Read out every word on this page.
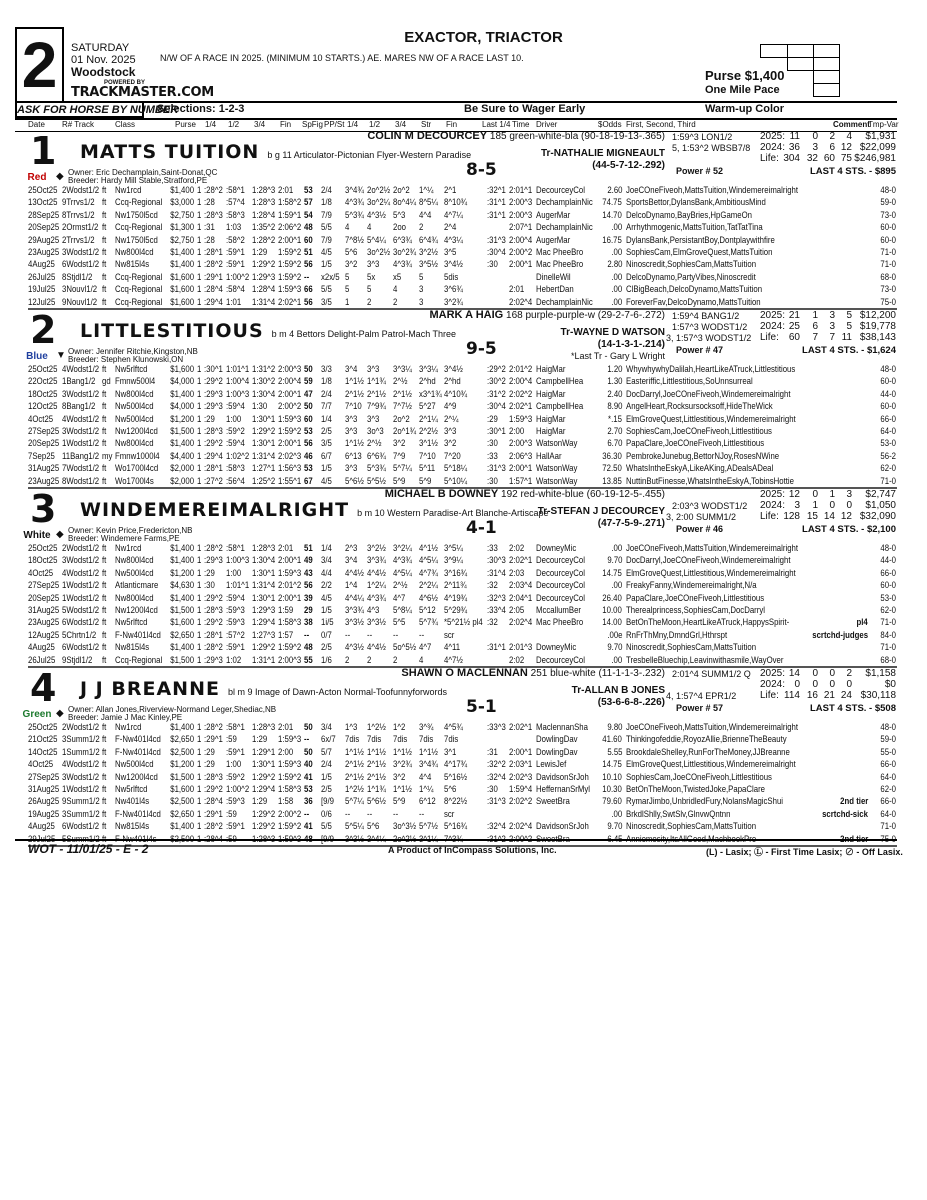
2	SATURDAY
01 Nov. 2025
Woodstock
POWERED BY
TRACKMASTER.COM
EXACTOR, TRIACTOR
N/W OF A RACE IN 2025. (MINIMUM 10 STARTS.) AE. MARES NW OF A RACE LAST 10.
Purse $1,400
One Mile Pace
ASK FOR HORSE BY NUMBER
Selections: 1-2-3	Be Sure to Wager Early	Warm-up Color
Date R# Track	Class	Purse 1/4 1/2 3/4 Fin SpFig PP/St 1/4 1/2 3/4 Str Fin	Last 1/4 Time Driver	$Odds First, Second, Third	Comment
Tmp-Var
1
Red
MATTS TUITION b g 11 Articulator-Pictonian Flyer-Western Paradise
COLIN M DECOURCEY 185 green-white-bla (90-18-19-13-.365)
8-5
Tr-NATHALIE MIGNEAULT
(44-5-7-12-.292)
1:59^3 LON1/2
5, 1:53^2 WBSB7/8
Power # 52
2025: 11 0 2 4 $1,931
2024: 36 3 6 12 $22,099
Life: 304 32 60 75 $246,981
LAST 4 STS. - $895
◆ Owner: Eric Dechamplain,Saint-Donat,QC
Breeder: Hardy Mill Stable,Stratford,PE
25Oct25 2Wodst1/2 ft Nw1rcd	$1,400 1 :28^2 :58^1 1:28^3 2:01 53 2/4 3^4¾ 2o^2½ 2o^2 1^¼ 2^1	:32^1 2:01^1 DecourceyCol 2.60 JoeCOneFiveoh,MattsTuition,Windemereimalright	48-0
13Oct25 9Trrvs1/2 ft Ccq-Regional $3,000 1 :28 :57^4 1:28^3 1:58^2 57 1/8 4^3¾ 3o^2¼ 8o^4¼ 8^5¼ 8^10¾ :31^1 2:00^3 DechamplainNic 74.75 SportsBettor,DylansBank,AmbitiousMind	59-0
28Sep25 8Trrvs1/2 ft Nw1750l5cd $2,750 1 :28^3 :58^3 1:28^4 1:59^1 54 7/9 5^3¾ 4^3½ 5^3 4^4 4^7¼	:31^1 2:00^3 AugerMar	14.70 DelcoDynamo,BayBries,HpGameOn	73-0
20Sep25 2Ormst1/2 ft Ccq-Regional $1,300 1 :31 1:03 1:35^2 2:06^2 48 5/5 4 4 2oo 2 2^4	2:07^1 DechamplainNic .00 Arrhythmogenic,MattsTuition,TatTatTina	60-0
29Aug25 2Trrvs1/2 ft Nw1750l5cd $2,750 1 :28 :58^2 1:28^2 2:00^1 60 7/9 7^8½ 5^4¼ 6^3¾ 6^4¾ 4^3¼	:31^3 2:00^4 AugerMar	16.75 DylansBank,PersistantBoy,Dontplaywithfire	60-0
23Aug25 3Wodst1/2 ft Nw800l4cd $1,400 1 :28^1 :59^1 1:29 1:59^2 51 4/5 5^6 3o^2½ 3o^2¾ 3^2½ 3^5	:30^4 2:00^2 Mac PheeBro	.00 SophiesCam,ElmGroveQuest,MattsTuition	71-0
4Aug25 6Wodst1/2 ft Nw815l4s $1,400 1 :28^2 :59^1 1:29^2 1:59^2 56 1/5 3^2 3^3 4^3¾ 3^5½ 3^4½	:30 2:00^1 Mac PheeBro 2.80 Ninoscredit,SophiesCam,MattsTuition	71-0
26Jul25 8Stjdl1/2 ft Ccq-Regional $1,600 1 :29^1 1:00^2 1:29^3 1:59^2 -- x2x/5 5 5x x5 5 5dis	DinelleWil	.00 DelcoDynamo,PartyVibes,Ninoscredit	68-0
19Jul25 3Nouvl1/2 ft Ccq-Regional $1,600 1 :28^4 :58^4 1:28^4 1:59^3 66 5/5 5 5 4 3 3^6¾	2:01 HebertDan	.00 ClBigBeach,DelcoDynamo,MattsTuition	73-0
12Jul25 9Nouvl1/2 ft Ccq-Regional $1,600 1 :29^4 1:01 1:31^4 2:02^1 56 3/5 1 2 2 3 3^2¾	2:02^4 DechamplainNic .00 ForeverFav,DelcoDynamo,MattsTuition	75-0
2
Blue
LITTLESTITIOUS b m 4 Bettors Delight-Palm Patrol-Mach Three
MARK A HAIG 168 purple-purple-w (29-2-7-6-.272)
9-5
Tr-WAYNE D WATSON
(14-1-3-1-.214)
*Last Tr - Gary L Wright
1:59^4 BANG1/2
1:57^3 WODST1/2
3, 1:57^3 WODST1/2
Power # 47
2025: 21 1 3 5 $12,200
2024: 25 6 3 5 $19,778
Life: 60 7 7 11 $38,143
LAST 4 STS. - $1,624
▼ Owner: Jennifer Ritchie,Kingston,NB
Breeder: Stephen Klunowski,ON
25Oct25 4Wodst1/2 ft Nw5rlftcd $1,600 1 :30^1 1:01^1 1:31^2 2:00^3 50 3/3 3^4 3^3 3^3¼ 3^3¼ 3^4½	:29^2 2:01^2 HaigMar	1.20 WhywhywhyDalilah,HeartLikeATruck,Littlestitious	48-0
22Oct25 1Bang1/2 gd Fmnw500l4 $4,000 1 :29^2 1:00^4 1:30^2 2:00^4 59 1/8 1^1½ 1^1¾ 2^½ 2^hd 2^hd	:30^2 2:00^4 CampbellHea 1.30 Easteriffic,Littlestitious,SoUnnsurreal	60-0
18Oct25 3Wodst1/2 ft Nw800l4cd $1,400 1 :29^3 1:00^3 1:30^4 2:00^1 47 2/4 2^1½ 2^1½ 2^1½ x3^1¾ 4^10¾ :31^2 2:02^2 HaigMar	2.40 DocDarryl,JoeCOneFiveoh,Windemereimalright	44-0
12Oct25 8Bang1/2 ft Nw500l4cd $4,000 1 :29^3 :59^4 1:30 2:00^2 50 7/7 7^10 7^9¾ 7^7½ 5^27 4^9	:30^4 2:02^1 CampbellHea 8.90 AngelHeart,Rocksursocksoff,HideTheWick	60-0
4Oct25 4Wodst1/2 ft Nw500l4cd $1,200 1 :29 1:00 1:30^1 1:59^3 60 1/4 3^3 3^3 2o^2 2^1¼ 2^¼	:29 1:59^3 HaigMar	*.15 ElmGroveQuest,Littlestitious,Windemereimalright	66-0
27Sep25 3Wodst1/2 ft Nw1200l4cd $1,500 1 :28^3 :59^2 1:29^2 1:59^2 53 2/5 3^3 3o^3 2o^1¾ 2^2½ 3^3	:30^1 2:00 HaigMar	2.70 SophiesCam,JoeCOneFiveoh,Littlestitious	64-0
20Sep25 1Wodst1/2 ft Nw800l4cd $1,400 1 :29^2 :59^4 1:30^1 2:00^1 56 3/5 1^1½ 2^½ 3^2 3^1½ 3^2	:30 2:00^3 WatsonWay	6.70 PapaClare,JoeCOneFiveoh,Littlestitious	53-0
7Sep25 11Bang1/2 my Fmnw1000l4 $4,400 1 :29^4 1:02^2 1:31^4 2:02^3 46 6/7 6^13 6^6¾ 7^9 7^10 7^20	:33 2:06^3 HallAar	36.30 PembrokeJunebug,BettorNJoy,RosesNWine	56-2
31Aug25 7Wodst1/2 ft Wo1700l4cd $2,000 1 :28^1 :58^3 1:27^1 1:56^3 53 1/5 3^3 5^3¾ 5^7¼ 5^11 5^18¼ :31^3 2:00^1 WatsonWay	72.50 WhatsIntheEskyA,LikeAKing,ADealsADeal	62-0
23Aug25 8Wodst1/2 ft Wo1700l4s $2,000 1 :27^2 :56^4 1:25^2 1:55^1 67 4/5 5^6½ 5^5½ 5^9 5^9 5^10¼ :30 1:57^1 WatsonWay	13.85 NuttinButFinesse,WhatsIntheEskyA,TobinsHottie	71-0
3
White
WINDEMEREIMALRIGHT b m 10 Western Paradise-Art Blanche-Artiscape
MICHAEL B DOWNEY 192 red-white-blue (60-19-12-5-.455)
4-1
Tr-STEFAN J DECOURCEY
(47-7-5-9-.271)
2:03^3 WODST1/2
3, 2:00 SUMM1/2
Power # 46
2025: 12 0 1 3 $2,747
2024: 3 1 0 0 $1,050
Life: 128 15 14 12 $32,090
LAST 4 STS. - $2,100
◆ Owner: Kevin Price,Fredericton,NB
Breeder: Windemere Farms,PE
25Oct25 2Wodst1/2 ft Nw1rcd	$1,400 1 :28^2 :58^1 1:28^3 2:01 51 1/4 2^3 3^2½ 3^2¼ 4^1½ 3^5¼	:33 2:02 DowneyMic	.00 JoeCOneFiveoh,MattsTuition,Windemereimalright	48-0
18Oct25 3Wodst1/2 ft Nw800l4cd $1,400 1 :29^3 1:00^3 1:30^4 2:00^1 49 3/4 3^4 3^3¾ 4^3¾ 4^5¼ 3^9¼	:30^3 2:02^1 DecourceyCol 9.70 DocDarryl,JoeCOneFiveoh,Windemereimalright	44-0
4Oct25 4Wodst1/2 ft Nw500l4cd $1,200 1 :29 1:00 1:30^1 1:59^3 43 4/4 4^4½ 4^4½ 4^5¼ 4^7¾ 3^16¾ :31^4 2:03 DecourceyCol 14.75 ElmGroveQuest,Littlestitious,Windemereimalright	66-0
27Sep25 1Wodst1/2 ft Atlanticmare $4,630 1 :30 1:01^1 1:31^4 2:01^2 56 2/2 1^4 1^2¼ 2^½ 2^2¼ 2^11¾ :32 2:03^4 DecourceyCol	.00 FreakyFanny,Windemereimalright,N/a	60-0
20Sep25 1Wodst1/2 ft Nw800l4cd $1,400 1 :29^2 :59^4 1:30^1 2:00^1 39 4/5 4^4¼ 4^3¾ 4^7 4^6½ 4^19¾ :32^3 2:04^1 DecourceyCol 26.40 PapaClare,JoeCOneFiveoh,Littlestitious	53-0
31Aug25 5Wodst1/2 ft Nw1200l4cd $1,500 1 :28^3 :59^3 1:29^3 1:59 29 1/5 3^3¾ 4^3 5^8¼ 5^12 5^29¾ :33^4 2:05 MccallumBer 10.00 Therealprincess,SophiesCam,DocDarryl	62-0
23Aug25 6Wodst1/2 ft Nw5rlftcd $1,600 1 :29^2 :59^3 1:29^4 1:58^3 38 1i/5 3^3½ 3^3½ 5^5 5^7¾ *5^21½ pl4 :32 2:02^4 Mac PheeBro 14.00 BetOnTheMoon,HeartLikeATruck,HappysSpirit-	pl4 71-0
12Aug25 5Chrtn1/2 ft F-Nw401l4cd $2,650 1 :28^1 :57^2 1:27^3 1:57 -- 0/7 -- -- -- -- scr	.00e RnFrThMny,DmndGrl,Hthrspt	scrtchd-judges 84-0
4Aug25 6Wodst1/2 ft Nw815l4s $1,400 1 :28^2 :59^1 1:29^2 1:59^2 48 2/5 4^3½ 4^4½ 5o^5½ 4^7 4^11	:31^1 2:01^3 DowneyMic	9.70 Ninoscredit,SophiesCam,MattsTuition	71-0
26Jul25 9Stjdl1/2 ft Ccq-Regional $1,500 1 :29^3 1:02 1:31^1 2:00^3 55 1/6 2 2 2 4 4^7½	2:02 DecourceyCol	.00 TresbelleBluechip,Leavinwithasmile,WayOver	68-0
4
Green
J J BREANNE bl m 9 Image of Dawn-Acton Normal-Toofunnyforwords
SHAWN O MACLENNAN 251 blue-white (11-1-1-3-.232)
5-1
Tr-ALLAN B JONES
(53-6-6-8-.226)
2:01^4 SUMM1/2 Q
4, 1:57^4 EPR1/2
Power # 57
2025: 14 0 0 2 $1,158
2024: 0 0 0 0	$0
Life: 114 16 21 24 $30,118
LAST 4 STS. - $508
◆ Owner: Allan Jones,Riverview-Normand Leger,Shediac,NB
Breeder: Jamie J Mac Kinley,PE
25Oct25 2Wodst1/2 ft Nw1rcd	$1,400 1 :28^2 :58^1 1:28^3 2:01 50 3/4 1^3 1^2½ 1^2 3^¾ 4^5¾	:33^3 2:02^1 MaclennanSha 9.80 JoeCOneFiveoh,MattsTuition,Windemereimalright	48-0
21Oct25 3Summ1/2 ft F-Nw401l4cd $2,650 1 :29^1 :59 1:29 1:59^3 -- 6x/7 7dis 7dis 7dis 7dis 7dis	DowlingDav	41.60 Thinkingofeddie,RoyozAllie,BrienneTheBeauty	59-0
14Oct25 1Summ1/2 ft F-Nw401l4cd $2,500 1 :29 :59^1 1:29^1 2:00 50 5/7 1^1½ 1^1½ 1^1½ 1^1½ 3^1	:31 2:00^1 DowlingDav	5.55 BrookdaleShelley,RunForTheMoney,JJBreanne	55-0
4Oct25 4Wodst1/2 ft Nw500l4cd $1,200 1 :29 1:00 1:30^1 1:59^3 40 2/4 2^1½ 2^1½ 3^2¾ 3^4¾ 4^17¾ :32^2 2:03^1 LewisJef	14.75 ElmGroveQuest,Littlestitious,Windemereimalright	66-0
27Sep25 3Wodst1/2 ft Nw1200l4cd $1,500 1 :28^3 :59^2 1:29^2 1:59^2 41 1/5 2^1½ 2^1½ 3^2 4^4 5^16½ :32^4 2:02^3 DavidsonSrJoh 10.10 SophiesCam,JoeCOneFiveoh,Littlestitious	64-0
31Aug25 1Wodst1/2 ft Nw5rlftcd $1,600 1 :29^2 1:00^2 1:29^4 1:58^3 53 2/5 1^2½ 1^1¾ 1^1½ 1^¼ 5^6	:30 1:59^4 HeffernanSrMyl 10.30 BetOnTheMoon,TwistedJoke,PapaClare	62-0
26Aug25 9Summ1/2 ft Nw401l4s $2,500 1 :28^4 :59^3 1:29 1:58 36 [9/9 5^7¼ 5^6½ 5^9 6^12 8^22½ :31^3 2:02^2 SweetBra	79.60 RymarJimbo,UnbridledFury,NolansMagicShui	2nd tier 66-0
19Aug25 3Summ1/2 ft F-Nw401l4cd $2,650 1 :29^1 :59 1:29^2 2:00^2 -- 0/6 -- -- -- -- scr	.00 BrkdlShlly,SwtSlv,GlnvwQntnn	scrtchd-sick 64-0
4Aug25 6Wodst1/2 ft Nw815l4s $1,400 1 :28^2 :59^1 1:29^2 1:59^2 41 5/5 5^5¼ 5^6 3o^3½ 5^7½ 5^16¾ :32^4 2:02^4 DavidsonSrJoh 9.70 Ninoscredit,SophiesCam,MattsTuition	71-0
29Jul25 5Summ1/2 ft F-Nw401l4s $2,500 1 :28^4 :59 1:28^3 1:59^3 48 [9/9 3^3½ 3^4¼ 2o^2½ 3^1¼ 7^3¾	:31^2 2:00^2 SweetBra	6.45 Anniemosity,ItsAllGood,MachbookPro	2nd tier 75-0
WOT - 11/01/25 - E - 2	A Product of InCompass Solutions, Inc.	(L) - Lasix; Ⓛ - First Time Lasix; ⊘ - Off Lasix.
